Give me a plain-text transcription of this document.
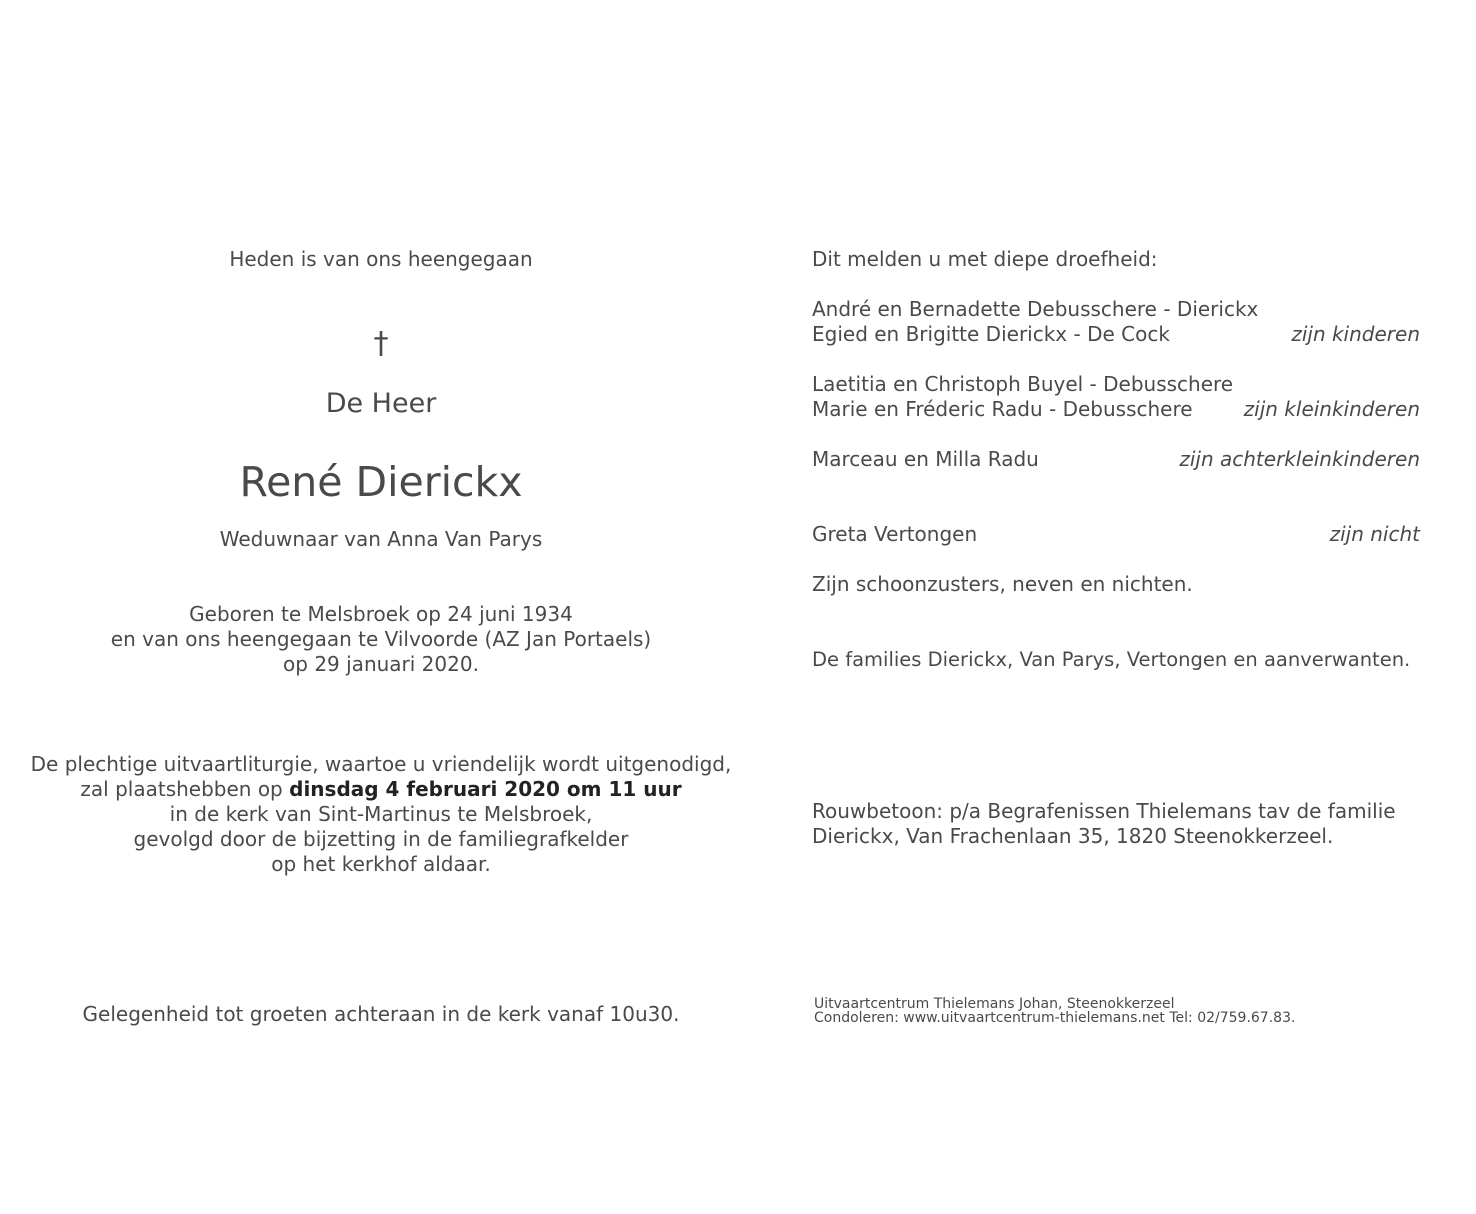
Heden is van ons heengegaan
†
De Heer
René Dierickx
Weduwnaar van Anna Van Parys
Geboren te Melsbroek op 24 juni 1934
en van ons heengegaan te Vilvoorde (AZ Jan Portaels)
op 29 januari 2020.
De plechtige uitvaartliturgie, waartoe u vriendelijk wordt uitgenodigd,
zal plaatshebben op dinsdag 4 februari 2020 om 11 uur
in de kerk van Sint-Martinus te Melsbroek,
gevolgd door de bijzetting in de familiegrafkelder
op het kerkhof aldaar.
Gelegenheid tot groeten achteraan in de kerk vanaf 10u30.
Dit melden u met diepe droefheid:
André en Bernadette Debusschere - Dierickx
Egied en Brigitte Dierickx - De Cock	zijn kinderen
Laetitia en Christoph Buyel - Debusschere
Marie en Fréderic Radu - Debusschere	zijn kleinkinderen
Marceau en Milla Radu	zijn achterkleinkinderen
Greta Vertongen	zijn nicht
Zijn schoonzusters, neven en nichten.
De families Dierickx, Van Parys, Vertongen en aanverwanten.
Rouwbetoon: p/a Begrafenissen Thielemans tav de familie
Dierickx, Van Frachenlaan 35, 1820 Steenokkerzeel.
Uitvaartcentrum Thielemans Johan, Steenokkerzeel
Condoleren: www.uitvaartcentrum-thielemans.net Tel: 02/759.67.83.
